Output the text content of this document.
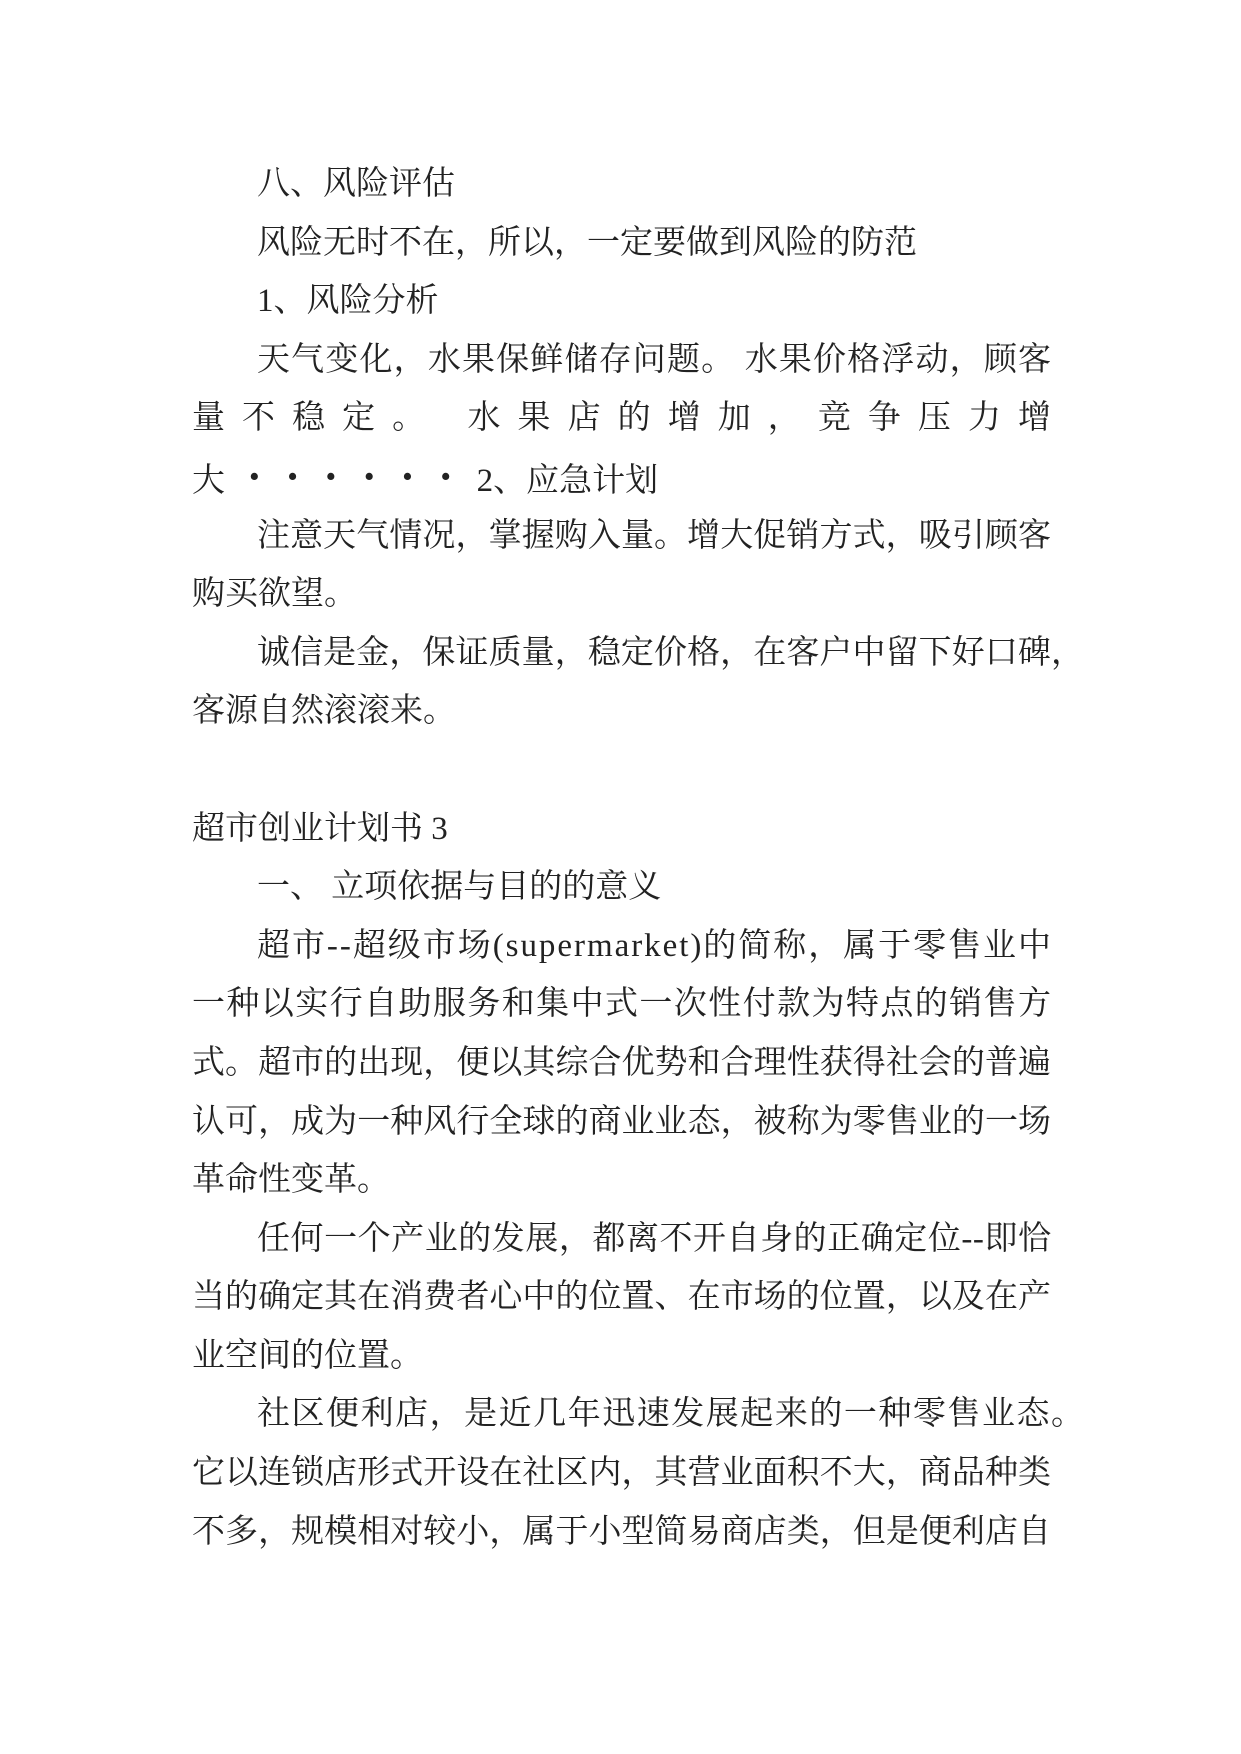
八、风险评估
风险无时不在，所以，一定要做到风险的防范
1、风险分析
天气变化，水果保鲜储存问题。 水果价格浮动，顾客
量不稳定。 水果店的增加，竞争压力增
大 ······2、应急计划
注意天气情况，掌握购入量。增大促销方式，吸引顾客
购买欲望。
诚信是金，保证质量，稳定价格，在客户中留下好口碑，
客源自然滚滚来。
超市创业计划书 3
一、 立项依据与目的的意义
超市--超级市场(supermarket)的简称，属于零售业中
一种以实行自助服务和集中式一次性付款为特点的销售方
式。超市的出现，便以其综合优势和合理性获得社会的普遍
认可，成为一种风行全球的商业业态，被称为零售业的一场
革命性变革。
任何一个产业的发展，都离不开自身的正确定位--即恰
当的确定其在消费者心中的位置、在市场的位置，以及在产
业空间的位置。
社区便利店，是近几年迅速发展起来的一种零售业态。
它以连锁店形式开设在社区内，其营业面积不大，商品种类
不多，规模相对较小，属于小型简易商店类，但是便利店自
